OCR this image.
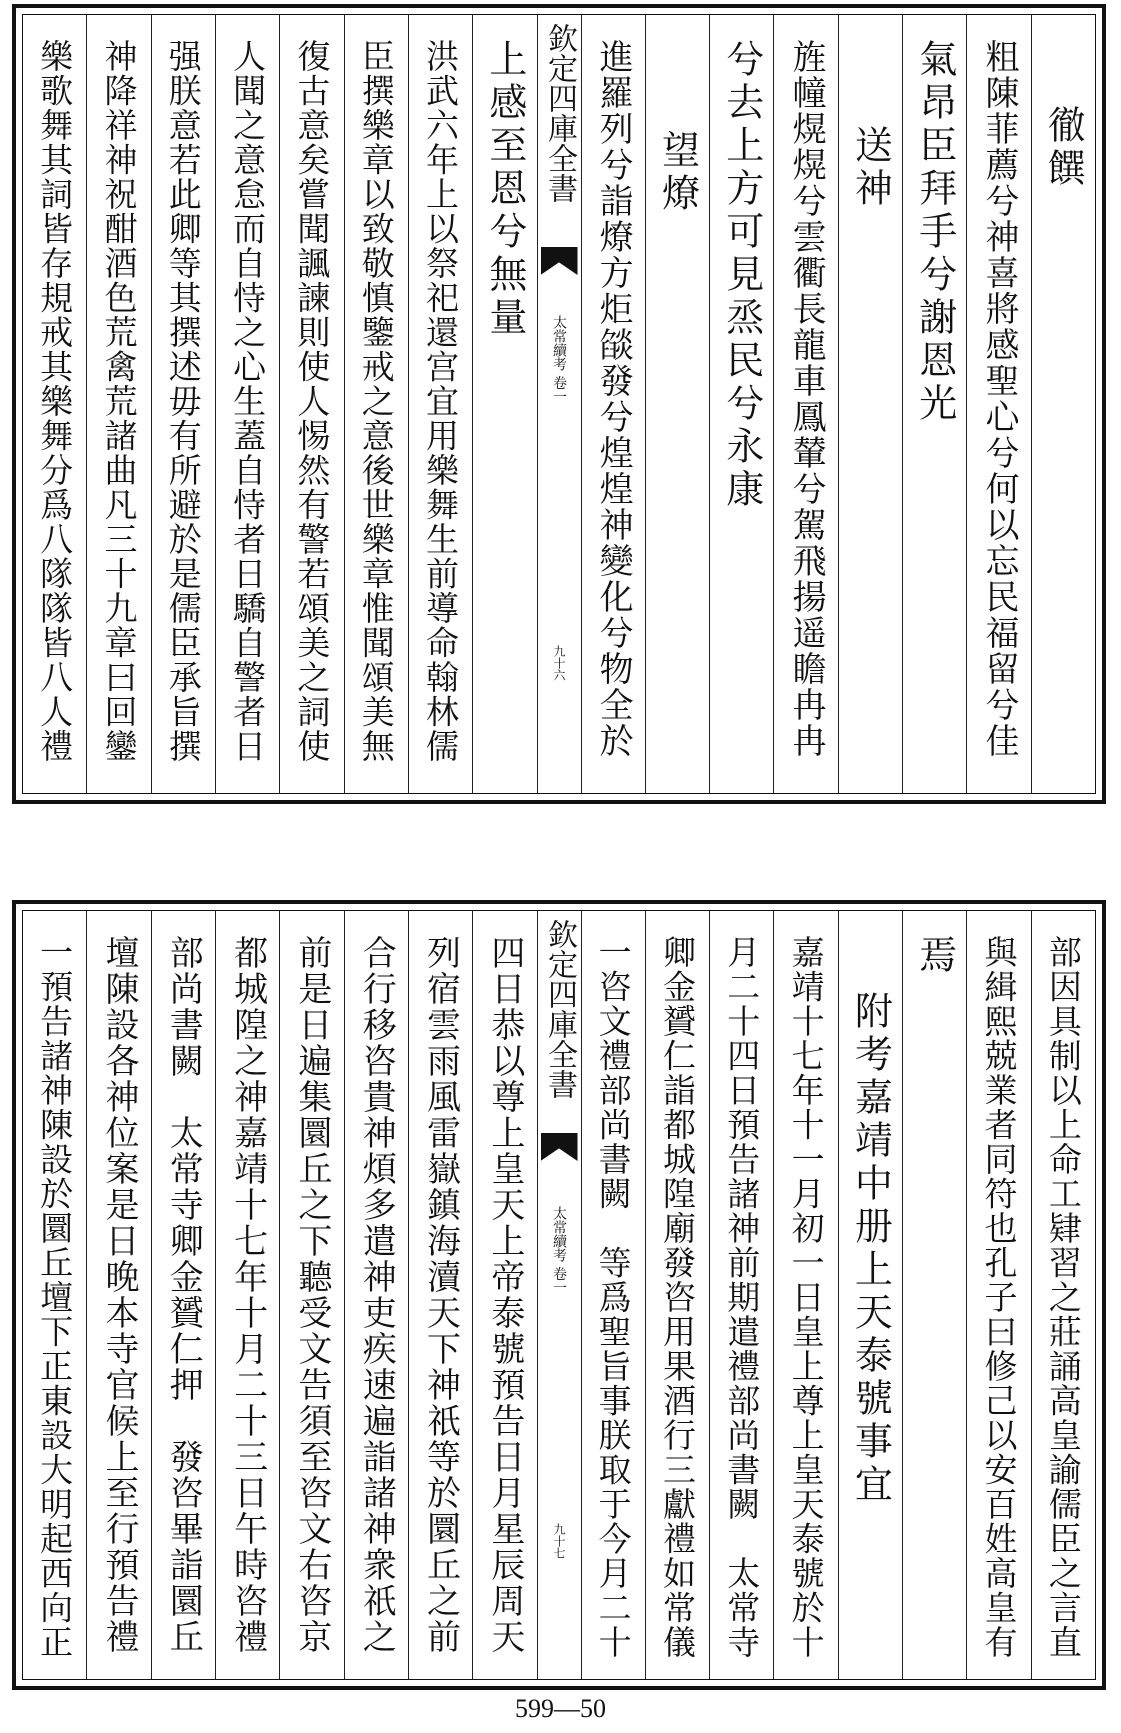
徹饌
粗陳菲薦兮神喜將感聖心兮何以忘民福留兮佳
氣昂臣拜手兮謝恩光
送神
旌幢熀熀兮雲衢長龍車鳳輦兮駕飛揚遥瞻冉冉
兮去上方可見烝民兮永康
望燎
進羅列兮詣燎方炬燄發兮煌煌神變化兮物全於
欽定四庫全書
太常續考 卷一
九十六
上感至恩兮無量
洪武六年上以祭祀還宫宜用樂舞生前導命翰林儒
臣撰樂章以致敬慎鑒戒之意後世樂章惟聞頌美無
復古意矣嘗聞諷諫則使人惕然有警若頌美之詞使
人聞之意怠而自恃之心生蓋自恃者日驕自警者日
强朕意若此卿等其撰述毋有所避於是儒臣承旨撰
神降祥神祝酣酒色荒禽荒諸曲凡三十九章曰回鑾
樂歌舞其詞皆存規戒其樂舞分爲八隊隊皆八人禮
部因具制以上命工肄習之莊誦高皇諭儒臣之言直
與緝熙兢業者同符也孔子曰修己以安百姓高皇有
焉
附考嘉靖中册上天泰號事宜
嘉靖十七年十一月初一日皇上尊上皇天泰號於十
月二十四日預告諸神前期遣禮部尚書闕　太常寺
卿金贇仁詣都城隍廟發咨用果酒行三獻禮如常儀
一咨文禮部尚書闕　等爲聖旨事朕取于今月二十
欽定四庫全書
太常續考 卷一
九十七
四日恭以尊上皇天上帝泰號預告日月星辰周天
列宿雲雨風雷嶽鎮海瀆天下神祇等於圜丘之前
合行移咨貴神煩多遣神吏疾速遍詣諸神衆祇之
前是日遍集圜丘之下聽受文告須至咨文右咨京
都城隍之神嘉靖十七年十月二十三日午時咨禮
部尚書闕　太常寺卿金贇仁押　發咨畢詣圜丘
壇陳設各神位案是日晚本寺官候上至行預告禮
一預告諸神陳設於圜丘壇下正東設大明起西向正
599—50
